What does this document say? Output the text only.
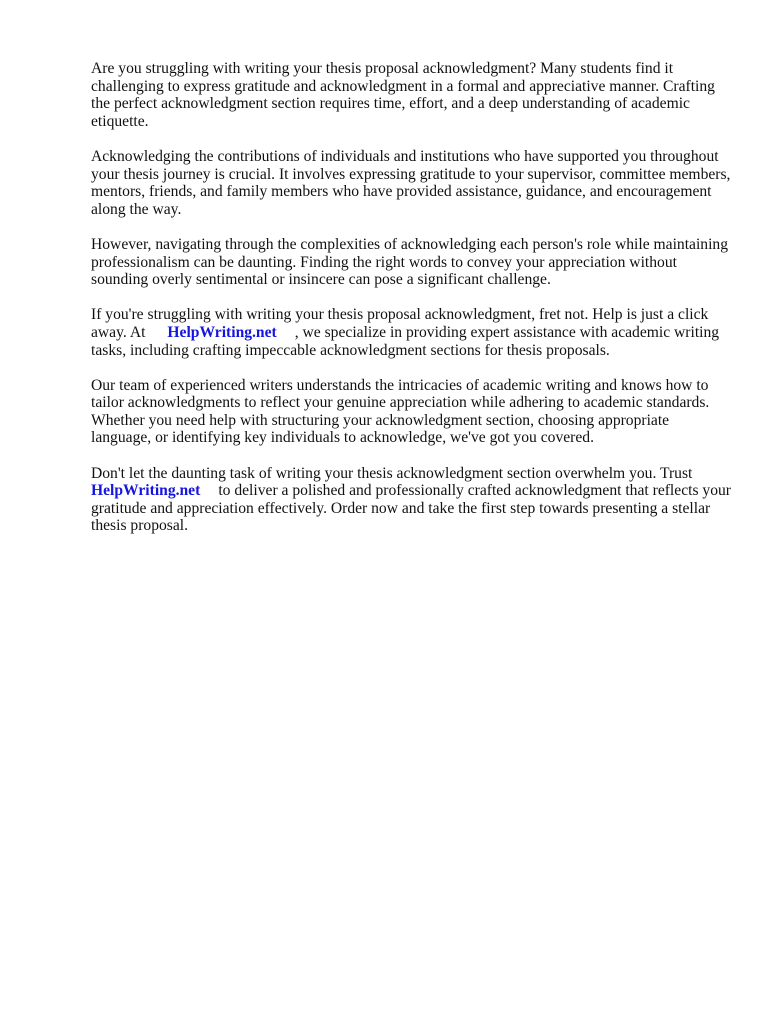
Are you struggling with writing your thesis proposal acknowledgment? Many students find it challenging to express gratitude and acknowledgment in a formal and appreciative manner. Crafting the perfect acknowledgment section requires time, effort, and a deep understanding of academic etiquette.

Acknowledging the contributions of individuals and institutions who have supported you throughout your thesis journey is crucial. It involves expressing gratitude to your supervisor, committee members, mentors, friends, and family members who have provided assistance, guidance, and encouragement along the way.

However, navigating through the complexities of acknowledging each person's role while maintaining professionalism can be daunting. Finding the right words to convey your appreciation without sounding overly sentimental or insincere can pose a significant challenge.

If you're struggling with writing your thesis proposal acknowledgment, fret not. Help is just a click away. At HelpWriting.net , we specialize in providing expert assistance with academic writing tasks, including crafting impeccable acknowledgment sections for thesis proposals.

Our team of experienced writers understands the intricacies of academic writing and knows how to tailor acknowledgments to reflect your genuine appreciation while adhering to academic standards. Whether you need help with structuring your acknowledgment section, choosing appropriate language, or identifying key individuals to acknowledge, we've got you covered.

Don't let the daunting task of writing your thesis acknowledgment section overwhelm you. Trust HelpWriting.net to deliver a polished and professionally crafted acknowledgment that reflects your gratitude and appreciation effectively. Order now and take the first step towards presenting a stellar thesis proposal.
